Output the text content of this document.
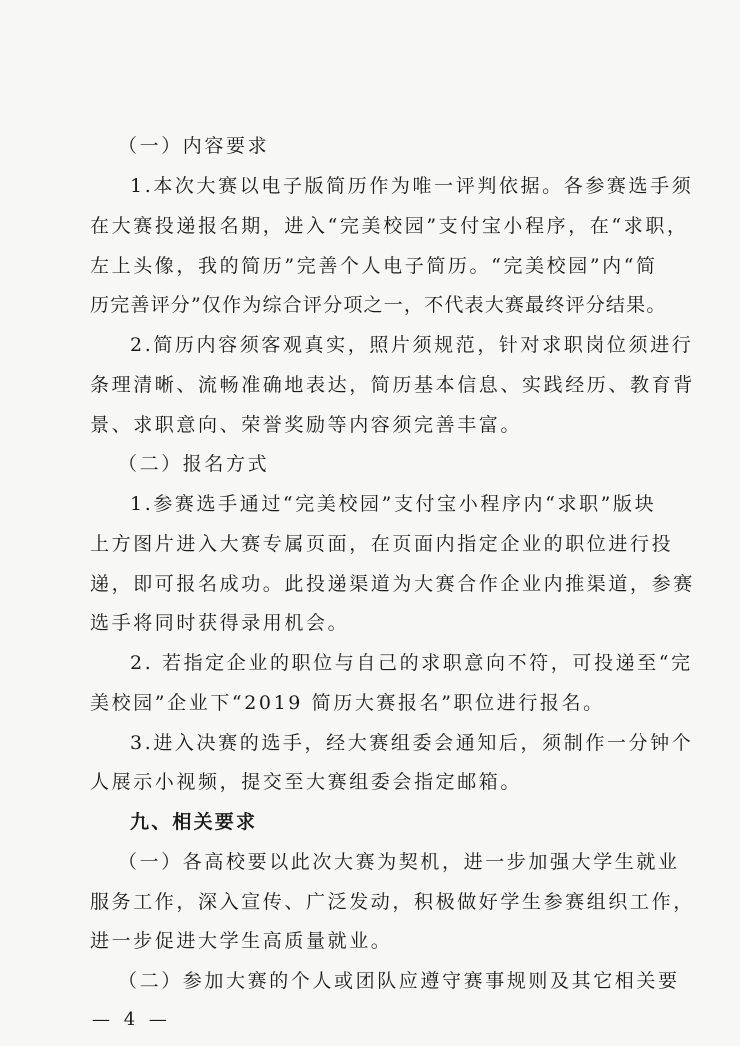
（一）内容要求
1.本次大赛以电子版简历作为唯一评判依据。各参赛选手须
在大赛投递报名期，进入“完美校园”支付宝小程序，在“求职，
左上头像，我的简历”完善个人电子简历。“完美校园”内“简
历完善评分”仅作为综合评分项之一，不代表大赛最终评分结果。
2.简历内容须客观真实，照片须规范，针对求职岗位须进行
条理清晰、流畅准确地表达，简历基本信息、实践经历、教育背
景、求职意向、荣誉奖励等内容须完善丰富。
（二）报名方式
1.参赛选手通过“完美校园”支付宝小程序内“求职”版块
上方图片进入大赛专属页面，在页面内指定企业的职位进行投
递，即可报名成功。此投递渠道为大赛合作企业内推渠道，参赛
选手将同时获得录用机会。
2. 若指定企业的职位与自己的求职意向不符，可投递至“完
美校园”企业下“2019 简历大赛报名”职位进行报名。
3.进入决赛的选手，经大赛组委会通知后，须制作一分钟个
人展示小视频，提交至大赛组委会指定邮箱。
九、相关要求
（一）各高校要以此次大赛为契机，进一步加强大学生就业
服务工作，深入宣传、广泛发动，积极做好学生参赛组织工作，
进一步促进大学生高质量就业。
（二）参加大赛的个人或团队应遵守赛事规则及其它相关要
— 4 —
